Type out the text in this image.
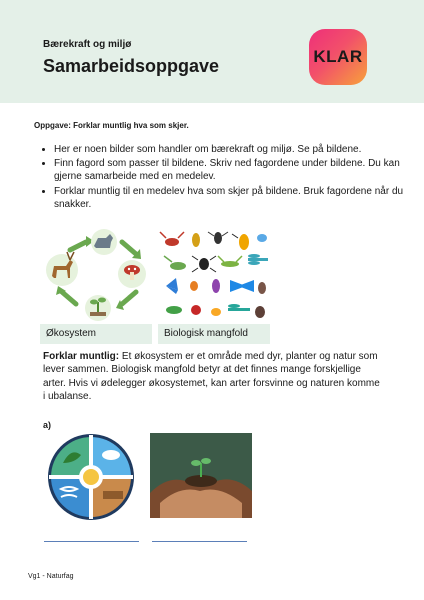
Bærekraft og miljø
Samarbeidsoppgave	KLAR
Oppgave: Forklar muntlig hva som skjer.
• Her er noen bilder som handler om bærekraft og miljø. Se på bildene.
• Finn fagord som passer til bildene. Skriv ned fagordene under bildene. Du kan gjerne samarbeide med en medelev.
• Forklar muntlig til en medelev hva som skjer på bildene. Bruk fagordene når du snakker.
Økosystem	Biologisk mangfold
Forklar muntlig: Et økosystem er et område med dyr, planter og natur som lever sammen. Biologisk mangfold betyr at det finnes mange forskjellige arter. Hvis vi ødelegger økosystemet, kan arter forsvinne og naturen komme i ubalanse.
a)
Vg1 - Naturfag
